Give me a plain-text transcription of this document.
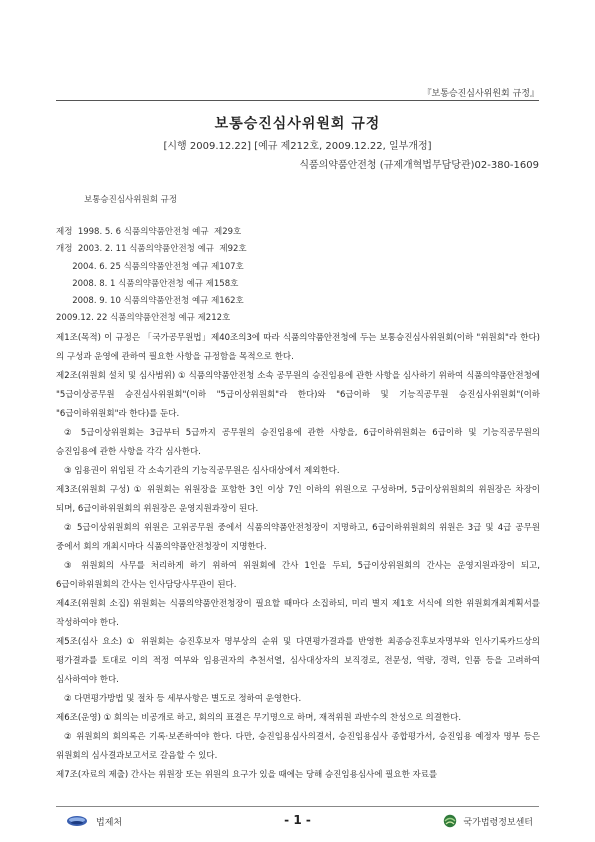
『보통승진심사위원회 규정』
보통승진심사위원회 규정
[시행 2009.12.22] [예규 제212호, 2009.12.22, 일부개정]
식품의약품안전청 (규제개혁법무담당관)02-380-1609
보통승진심사위원회 규정
제정  1998. 5. 6 식품의약품안전청 예규  제29호
개정  2003. 2. 11 식품의약품안전청 예규  제92호
2004. 6. 25 식품의약품안전청 예규 제107호
2008. 8. 1 식품의약품안전청 예규 제158호
2008. 9. 10 식품의약품안전청 예규 제162호
2009.12. 22 식품의약품안전청 예규 제212호

제1조(목적) 이 규정은 「국가공무원법」제40조의3에 따라 식품의약품안전청에 두는 보통승진심사위원회(이하 "위원회"라 한다)의 구성과 운영에 관하여 필요한 사항을 규정함을 목적으로 한다.

제2조(위원회 설치 및 심사범위) ① 식품의약품안전청 소속 공무원의 승진임용에 관한 사항을 심사하기 위하여 식품의약품안전청에 "5급이상공무원 승진심사위원회"(이하 "5급이상위원회"라 한다)와 "6급이하 및 기능직공무원 승진심사위원회"(이하 "6급이하위원회"라 한다)를 둔다.

② 5급이상위원회는 3급부터 5급까지 공무원의 승진임용에 관한 사항을, 6급이하위원회는 6급이하 및 기능직공무원의 승진임용에 관한 사항을 각각 심사한다.

③ 임용권이 위임된 각 소속기관의 기능직공무원은 심사대상에서 제외한다.

제3조(위원회 구성) ① 위원회는 위원장을 포함한 3인 이상 7인 이하의 위원으로 구성하며, 5급이상위원회의 위원장은 차장이 되며, 6급이하위원회의 위원장은 운영지원과장이 된다.

② 5급이상위원회의 위원은 고위공무원 중에서 식품의약품안전청장이 지명하고, 6급이하위원회의 위원은 3급 및 4급 공무원 중에서 회의 개최시마다 식품의약품안전청장이 지명한다.

③ 위원회의 사무를 처리하게 하기 위하여 위원회에 간사 1인을 두되, 5급이상위원회의 간사는 운영지원과장이 되고, 6급이하위원회의 간사는 인사담당사무관이 된다.

제4조(위원회 소집) 위원회는 식품의약품안전청장이 필요할 때마다 소집하되, 미리 별지 제1호 서식에 의한 위원회개최계획서를 작성하여야 한다.

제5조(심사 요소) ① 위원회는 승진후보자 명부상의 순위 및 다면평가결과를 반영한 최종승진후보자명부와 인사기록카드상의 평가결과를 토대로 이의 적정 여부와 임용권자의 추천서열, 심사대상자의 보직경로, 전문성, 역량, 경력, 인품 등을 고려하여 심사하여야 한다.

② 다면평가방법 및 절차 등 세부사항은 별도로 정하여 운영한다.

제6조(운영) ① 회의는 비공개로 하고, 회의의 표결은 무기명으로 하며, 재적위원 과반수의 찬성으로 의결한다.

② 위원회의 회의록은 기록·보존하여야 한다. 다만, 승진임용심사의결서, 승진임용심사 종합평가서, 승진임용 예정자 명부 등은 위원회의 심사결과보고서로 갈음할 수 있다.

제7조(자료의 제출) 간사는 위원장 또는 위원의 요구가 있을 때에는 당해 승진임용심사에 필요한 자료를

법제처	- 1 -	국가법령정보센터
